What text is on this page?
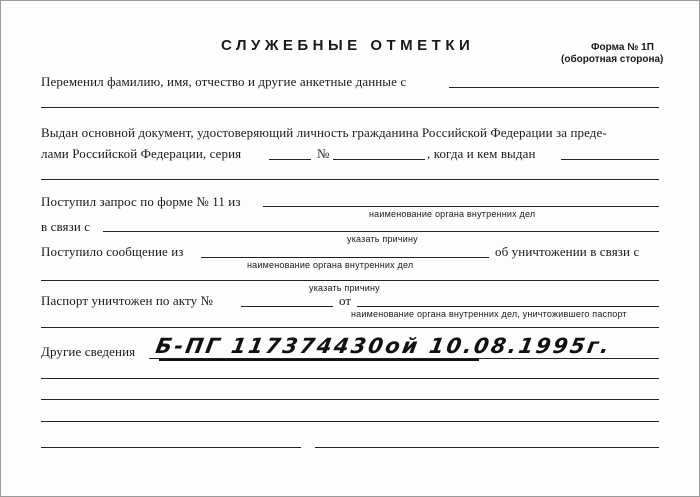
СЛУЖЕБНЫЕ ОТМЕТКИ	Форма № 1П
(оборотная сторона)
Переменил фамилию, имя, отчество и другие анкетные данные с
Выдан основной документ, удостоверяющий личность гражданина Российской Федерации за преде-
лами Российской Федерации, серия	№	, когда и кем выдан
Поступил запрос по форме № 11 из
наименование органа внутренних дел
в связи с
указать причину
Поступило сообщение из	об уничтожении в связи с
наименование органа внутренних дел
указать причину
Паспорт уничтожен по акту №	от
наименование органа внутренних дел, уничтожившего паспорт
Другие сведения Б-ПГ 117374430ой 10.08.1995г.
